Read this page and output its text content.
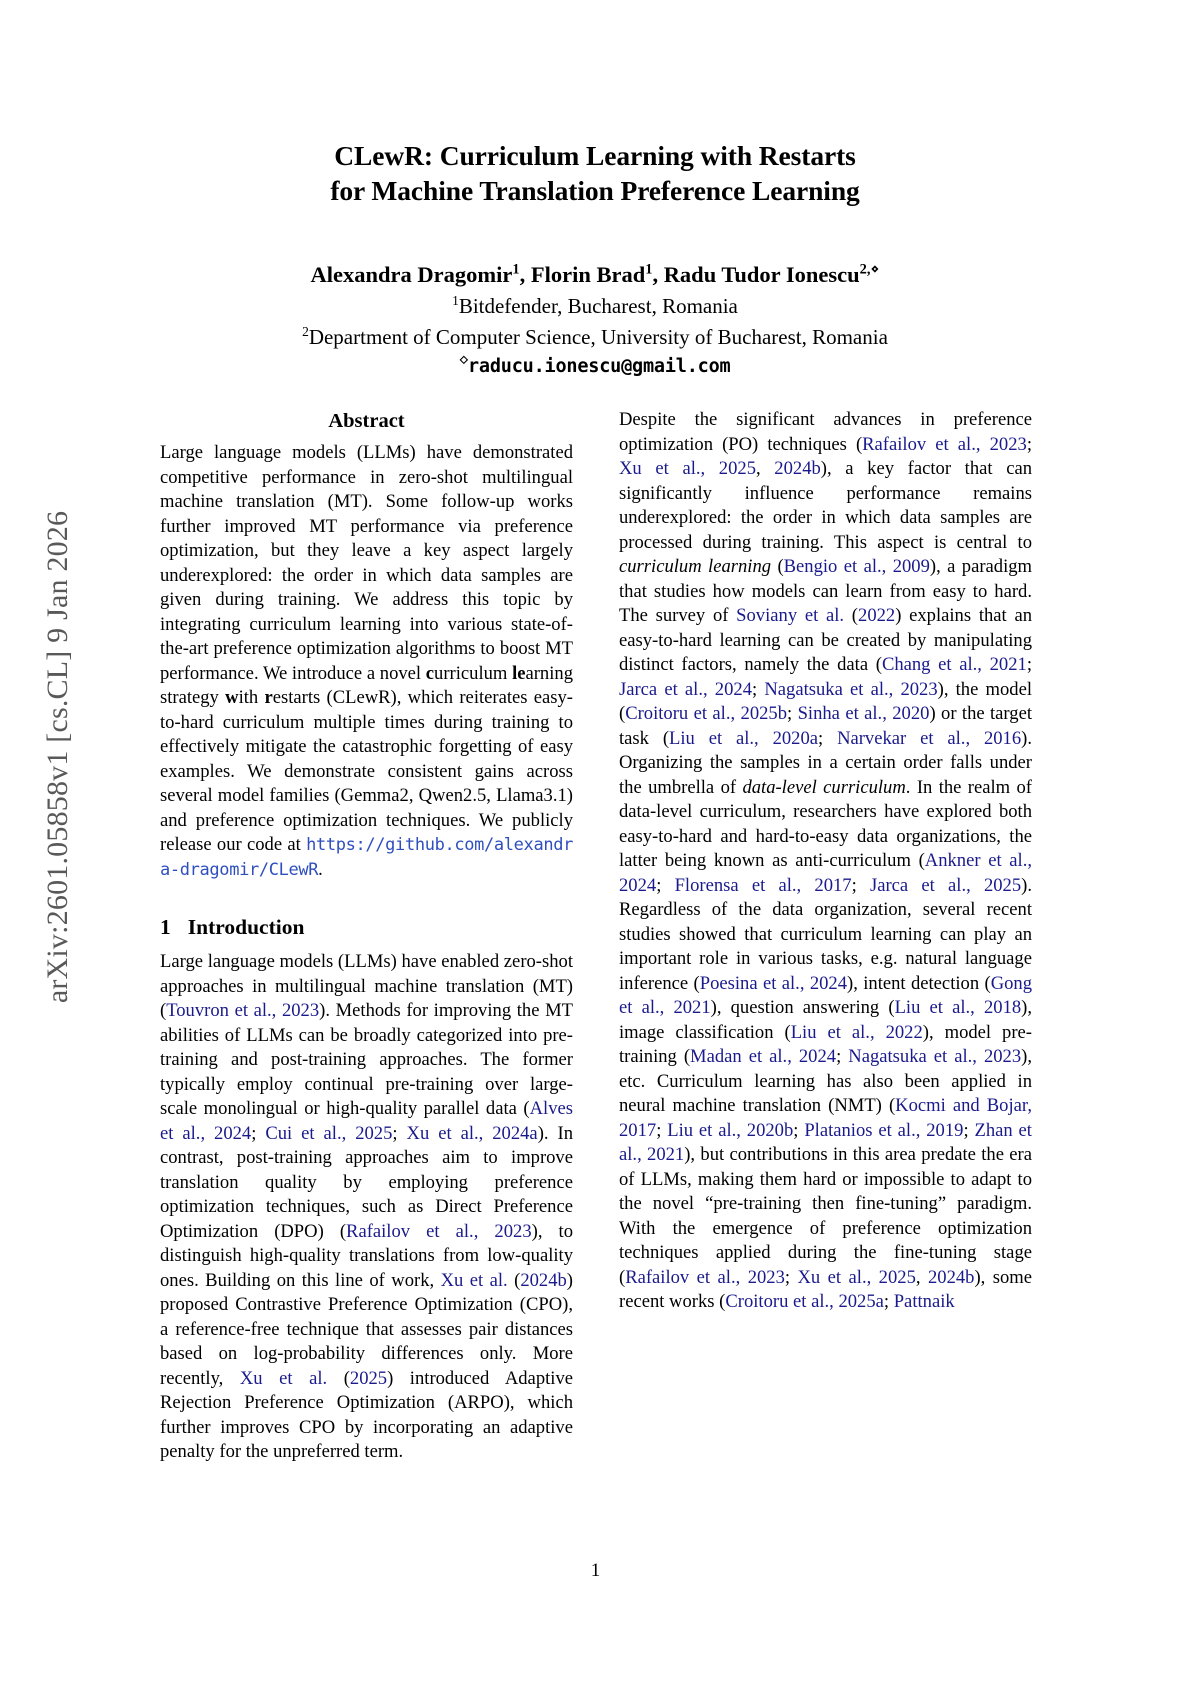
arXiv:2601.05858v1 [cs.CL] 9 Jan 2026
CLewR: Curriculum Learning with Restarts
for Machine Translation Preference Learning
Alexandra Dragomir$^1$, Florin Brad$^1$, Radu Tudor Ionescu$^{2,⋄}$
$^1$Bitdefender, Bucharest, Romania
$^2$Department of Computer Science, University of Bucharest, Romania
⋄raducu.ionescu@gmail.com
Abstract

Large language models (LLMs) have demonstrated competitive performance in zero-shot multilingual machine translation (MT). Some follow-up works further improved MT performance via preference optimization, but they leave a key aspect largely underexplored: the order in which data samples are given during training. We address this topic by integrating curriculum learning into various state-of-the-art preference optimization algorithms to boost MT performance. We introduce a novel curriculum learning strategy with restarts (CLewR), which reiterates easy-to-hard curriculum multiple times during training to effectively mitigate the catastrophic forgetting of easy examples. We demonstrate consistent gains across several model families (Gemma2, Qwen2.5, Llama3.1) and preference optimization techniques. We publicly release our code at https://github.com/alexandra-dragomir/CLewR.

1 Introduction

Large language models (LLMs) have enabled zero-shot approaches in multilingual machine translation (MT) (Touvron et al., 2023). Methods for improving the MT abilities of LLMs can be broadly categorized into pre-training and post-training approaches. The former typically employ continual pre-training over large-scale monolingual or high-quality parallel data (Alves et al., 2024; Cui et al., 2025; Xu et al., 2024a). In contrast, post-training approaches aim to improve translation quality by employing preference optimization techniques, such as Direct Preference Optimization (DPO) (Rafailov et al., 2023), to distinguish high-quality translations from low-quality ones. Building on this line of work, Xu et al. (2024b) proposed Contrastive Preference Optimization (CPO), a reference-free technique that assesses pair distances based on log-probability differences only. More recently, Xu et al. (2025) introduced Adaptive Rejection Preference Optimization (ARPO), which further improves CPO by incorporating an adaptive penalty for the unpreferred term.

Despite the significant advances in preference optimization (PO) techniques (Rafailov et al., 2023; Xu et al., 2025, 2024b), a key factor that can significantly influence performance remains underexplored: the order in which data samples are processed during training. This aspect is central to curriculum learning (Bengio et al., 2009), a paradigm that studies how models can learn from easy to hard. The survey of Soviany et al. (2022) explains that an easy-to-hard learning can be created by manipulating distinct factors, namely the data (Chang et al., 2021; Jarca et al., 2024; Nagatsuka et al., 2023), the model (Croitoru et al., 2025b; Sinha et al., 2020) or the target task (Liu et al., 2020a; Narvekar et al., 2016). Organizing the samples in a certain order falls under the umbrella of data-level curriculum. In the realm of data-level curriculum, researchers have explored both easy-to-hard and hard-to-easy data organizations, the latter being known as anti-curriculum (Ankner et al., 2024; Florensa et al., 2017; Jarca et al., 2025). Regardless of the data organization, several recent studies showed that curriculum learning can play an important role in various tasks, e.g. natural language inference (Poesina et al., 2024), intent detection (Gong et al., 2021), question answering (Liu et al., 2018), image classification (Liu et al., 2022), model pre-training (Madan et al., 2024; Nagatsuka et al., 2023), etc. Curriculum learning has also been applied in neural machine translation (NMT) (Kocmi and Bojar, 2017; Liu et al., 2020b; Platanios et al., 2019; Zhan et al., 2021), but contributions in this area predate the era of LLMs, making them hard or impossible to adapt to the novel “pre-training then fine-tuning” paradigm. With the emergence of preference optimization techniques applied during the fine-tuning stage (Rafailov et al., 2023; Xu et al., 2025, 2024b), some recent works (Croitoru et al., 2025a; Pattnaik

1
